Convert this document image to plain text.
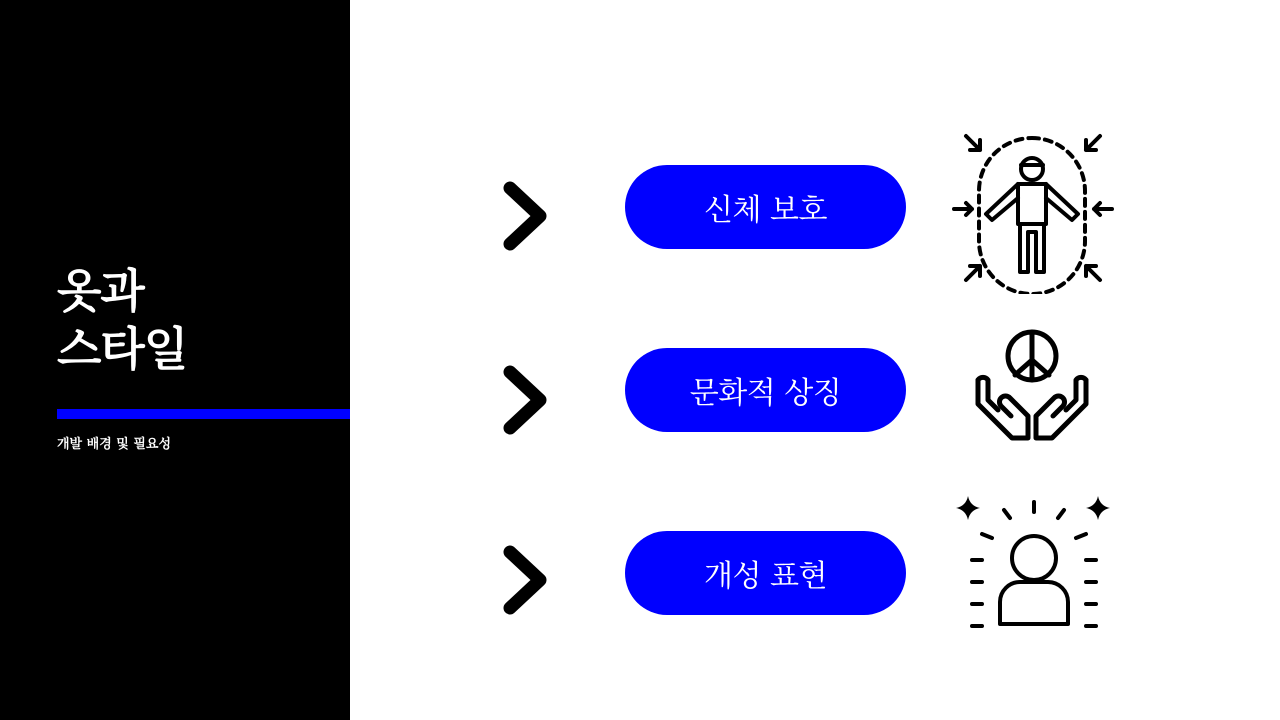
옷과
스타일

개발 배경 및 필요성

신체 보호
문화적 상징
개성 표현
